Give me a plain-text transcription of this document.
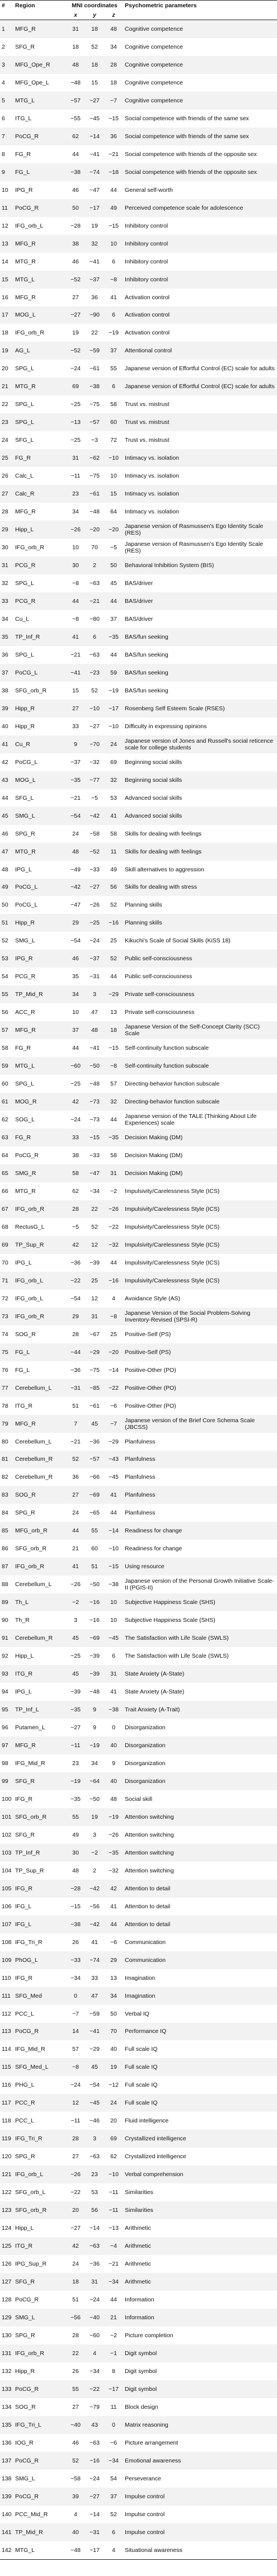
#	Region	MNI coordinates			Psychometric parameters
		x	y	z	
1	MFG_R	31	18	48	Cognitive competence
2	SFG_R	18	52	34	Cognitive competence
3	MFG_Ope_R	48	18	28	Cognitive competence
4	MFG_Ope_L	−48	15	18	Cognitive competence
5	MTG_L	−57	−27	−7	Cognitive competence
6	ITG_L	−55	−45	−15	Social competence with friends of the same sex
7	PoCG_R	62	−14	36	Social competence with friends of the same sex
8	FG_R	44	−41	−21	Social competence with friends of the opposite sex
9	FG_L	−38	−74	−18	Social competence with friends of the opposite sex
10	IPG_R	46	−47	44	General self-worth
11	PoCG_R	50	−17	49	Perceived competence scale for adolescence
12	IFG_orb_L	−28	19	−15	Inhibitory control
13	MFG_R	38	32	10	Inhibitory control
14	MTG_R	46	−41	6	Inhibitory control
15	MTG_L	−52	−37	−8	Inhibitory control
16	MFG_R	27	36	41	Activation control
17	MOG_L	−27	−90	6	Activation control
18	IFG_orb_R	19	22	−19	Activation control
19	AG_L	−52	−59	37	Attentional control
20	SPG_L	−24	−61	55	Japanese version of Effortful Control (EC) scale for adults
21	MTG_R	69	−38	6	Japanese version of Effortful Control (EC) scale for adults
22	SPG_L	−25	−75	58	Trust vs. mistrust
23	SPG_L	−13	−57	60	Trust vs. mistrust
24	SFG_L	−25	−3	72	Trust vs. mistrust
25	FG_R	31	−62	−10	Intimacy vs. isolation
26	Calc_L	−11	−75	10	Intimacy vs. isolation
27	Calc_R	23	−61	15	Intimacy vs. isolation
28	MFG_R	34	−48	64	Intimacy vs. isolation
29	Hipp_L	−26	−20	−20	Japanese version of Rasmussen's Ego Identity Scale (RES)
30	IFG_orb_R	10	70	−5	Japanese version of Rasmussen's Ego Identity Scale (RES)
31	PCG_R	30	2	50	Behavioral Inhibition System (BIS)
32	SPG_L	−8	−63	45	BAS/driver
33	PCG_R	44	−21	44	BAS/driver
34	Cu_L	−8	−80	37	BAS/driver
35	TP_Inf_R	41	6	−35	BAS/fun seeking
36	SPG_L	−21	−63	44	BAS/fun seeking
37	PoCG_L	−41	−23	59	BAS/fun seeking
38	SFG_orb_R	15	52	−19	BAS/fun seeking
39	Hipp_R	27	−10	−17	Rosenberg Self Esteem Scale (RSES)
40	Hipp_R	33	−27	−10	Difficulty in expressing opinions
41	Cu_R	9	−70	24	Japanese version of Jones and Russell's social reticence scale for college students
42	PoCG_L	−37	−32	69	Beginning social skills
43	MOG_L	−35	−77	32	Beginning social skills
44	SFG_L	−21	−5	53	Advanced social skills
45	SMG_L	−54	−42	41	Advanced social skills
46	SPG_R	24	−58	58	Skills for dealing with feelings
47	MTG_R	48	−52	11	Skills for dealing with feelings
48	IPG_L	−49	−33	49	Skill alternatives to aggression
49	PoCG_L	−42	−27	56	Skills for dealing with stress
50	PoCG_L	−47	−26	52	Planning skills
51	Hipp_R	29	−25	−16	Planning skills
52	SMG_L	−54	−24	25	Kikuchi's Scale of Social Skills (KiSS 18)
53	IPG_R	46	−37	52	Public self-consciousness
54	PCG_R	35	−31	44	Public self-consciousness
55	TP_Mid_R	34	3	−29	Private self-consciousness
56	ACC_R	10	47	13	Private self-consciousness
57	MFG_R	37	48	18	Japanese Version of the Self-Concept Clarity (SCC) Scale
58	FG_R	44	−41	−15	Self-continuity function subscale
59	MTG_L	−60	−50	−8	Self-continuity function subscale
60	SPG_L	−25	−48	57	Directing-behavior function subscale
61	MOG_R	42	−73	32	Directing-behavior function subscale
62	SOG_L	−24	−73	44	Japanese version of the TALE (Thinking About Life Experiences) scale
63	FG_R	33	−15	−35	Decision Making (DM)
64	PoCG_R	38	−33	58	Decision Making (DM)
65	SMG_R	58	−47	31	Decision Making (DM)
66	MTG_R	62	−34	−2	Impulsivity/Carelessness Style (ICS)
67	IFG_orb_R	28	22	−26	Impulsivity/Carelessness Style (ICS)
68	RectusG_L	−5	52	−22	Impulsivity/Carelessness Style (ICS)
69	TP_Sup_R	42	12	−32	Impulsivity/Carelessness Style (ICS)
70	IPG_L	−36	−39	44	Impulsivity/Carelessness Style (ICS)
71	IFG_orb_L	−22	25	−16	Impulsivity/Carelessness Style (ICS)
72	IFG_orb_L	−54	12	4	Avoidance Style (AS)
73	IFG_orb_R	29	31	−8	Japanese Version of the Social Problem-Solving Inventory-Revised (SPSI-R)
74	SOG_R	28	−67	25	Positive-Self (PS)
75	FG_L	−44	−29	−20	Positive-Self (PS)
76	FG_L	−36	−75	−14	Positive-Other (PO)
77	Cerebellum_L	−31	−85	−22	Positive-Other (PO)
78	ITG_R	51	−61	−6	Positive-Other (PO)
79	MFG_R	7	45	−7	Japanese version of the Brief Core Schema Scale (JBCSS)
80	Cerebellum_L	−21	−36	−29	Planfulness
81	Cerebellum_R	52	−57	−43	Planfulness
82	Cerebellum_R	36	−66	−45	Planfulness
83	SOG_R	27	−69	41	Planfulness
84	SPG_R	24	−65	44	Planfulness
85	MFG_orb_R	44	55	−14	Readiness for change
86	SFG_orb_R	21	60	−10	Readiness for change
87	IFG_orb_R	41	51	−15	Using resource
88	Cerebellum_L	−26	−50	−38	Japanese version of the Personal Growth Initiative Scale-II (PGIS-II)
89	Th_L	−2	−16	10	Subjective Happiness Scale (SHS)
90	Th_R	3	−16	10	Subjective Happiness Scale (SHS)
91	Cerebellum_R	45	−69	−45	The Satisfaction with Life Scale (SWLS)
92	Hipp_L	−25	−39	6	The Satisfaction with Life Scale (SWLS)
93	ITG_R	45	−39	31	State Anxiety (A-State)
94	IPG_L	−39	−48	41	State Anxiety (A-State)
95	TP_Inf_L	−35	9	−38	Trait Anxiety (A-Trait)
96	Putamen_L	−27	9	0	Disorganization
97	MFG_R	−11	−19	40	Disorganization
98	IFG_Mid_R	23	34	9	Disorganization
99	SFG_R	−19	−64	40	Disorganization
100	IFG_R	−35	−50	48	Social skill
101	SFG_orb_R	55	19	−19	Attention switching
102	SFG_R	49	3	−26	Attention switching
103	TP_Inf_R	30	−2	−35	Attention switching
104	TP_Sup_R	48	2	−32	Attention switching
105	IFG_R	−28	−42	42	Attention to detail
106	IFG_L	−15	−56	41	Attention to detail
107	IFG_L	−38	−42	44	Attention to detail
108	IFG_Tri_R	26	41	−6	Communication
109	PhOG_L	−33	−74	29	Communication
110	IFG_R	−34	33	13	Imagination
111	SFG_Med	0	47	34	Imagination
112	PCC_L	−7	−59	50	Verbal IQ
113	PoCG_R	14	−41	70	Performance IQ
114	IFG_Mid_R	57	−29	40	Full scale IQ
115	SFG_Med_L	−8	45	19	Full scale IQ
116	PHG_L	−24	−54	−12	Full scale IQ
117	PCC_R	12	−45	24	Full scale IQ
118	PCC_L	−11	−46	20	Fluid intelligence
119	IFG_Tri_R	28	3	69	Crystallized intelligence
120	SPG_R	27	−63	62	Crystallized intelligence
121	IFG_orb_L	−26	23	−10	Verbal comprehension
122	SFG_orb_L	−22	53	−11	Similarities
123	SFG_orb_R	20	56	−11	Similarities
124	Hipp_L	−27	−14	−13	Arithmetic
125	ITG_R	42	−63	−4	Arithmetic
126	IPG_Sup_R	24	−36	−21	Arithmetic
127	SFG_R	18	31	−34	Arithmetic
128	PoCG_R	51	−24	44	Information
129	SMG_L	−56	−40	21	Information
130	SPG_R	28	−60	−2	Picture completion
131	IFG_orb_R	22	4	−1	Digit symbol
132	Hipp_R	26	−34	8	Digit symbol
133	PoCG_R	55	−22	−17	Digit symbol
134	SOG_R	27	−79	11	Block design
135	IFG_Tri_L	−40	43	0	Matrix reasoning
136	IOG_R	46	−63	−6	Picture arrangement
137	PoCG_R	52	−16	−34	Emotional awareness
138	SMG_L	−58	−24	54	Perseverance
139	PoCG_R	39	−27	37	Impulse control
140	PCC_Mid_R	4	−14	52	Impulse control
141	TP_Mid_R	40	−31	6	Impulse control
142	MTG_L	−48	−17	4	Situational awareness
